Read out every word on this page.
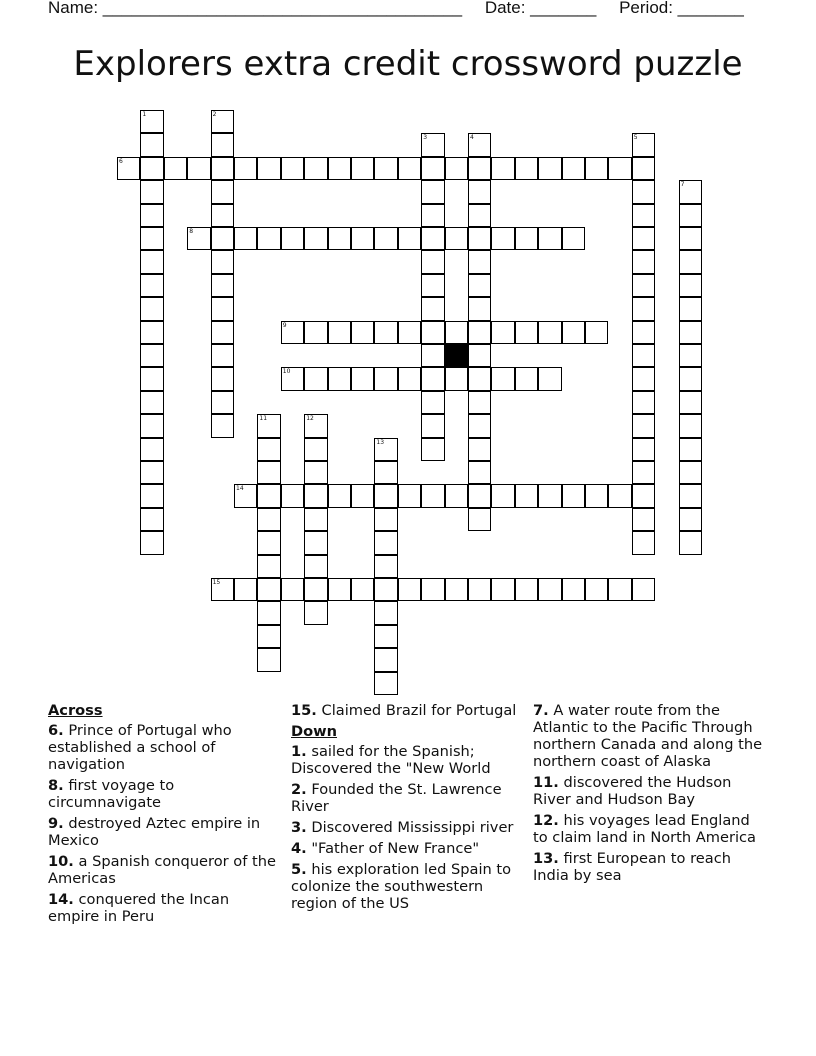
Name: ______________________________________ Date: _______ Period: _______
Explorers extra credit crossword puzzle
1	2
3	4	5
6
7
8
9
10
11	12
13
14
15
Across
6. Prince of Portugal who established a school of navigation
8. first voyage to circumnavigate
9. destroyed Aztec empire in Mexico
10. a Spanish conqueror of the Americas
14. conquered the Incan empire in Peru
15. Claimed Brazil for Portugal
Down
1. sailed for the Spanish; Discovered the "New World
2. Founded the St. Lawrence River
3. Discovered Mississippi river
4. "Father of New France"
5. his exploration led Spain to colonize the southwestern region of the US
7. A water route from the Atlantic to the Pacific Through northern Canada and along the northern coast of Alaska
11. discovered the Hudson River and Hudson Bay
12. his voyages lead England to claim land in North America
13. first European to reach India by sea
